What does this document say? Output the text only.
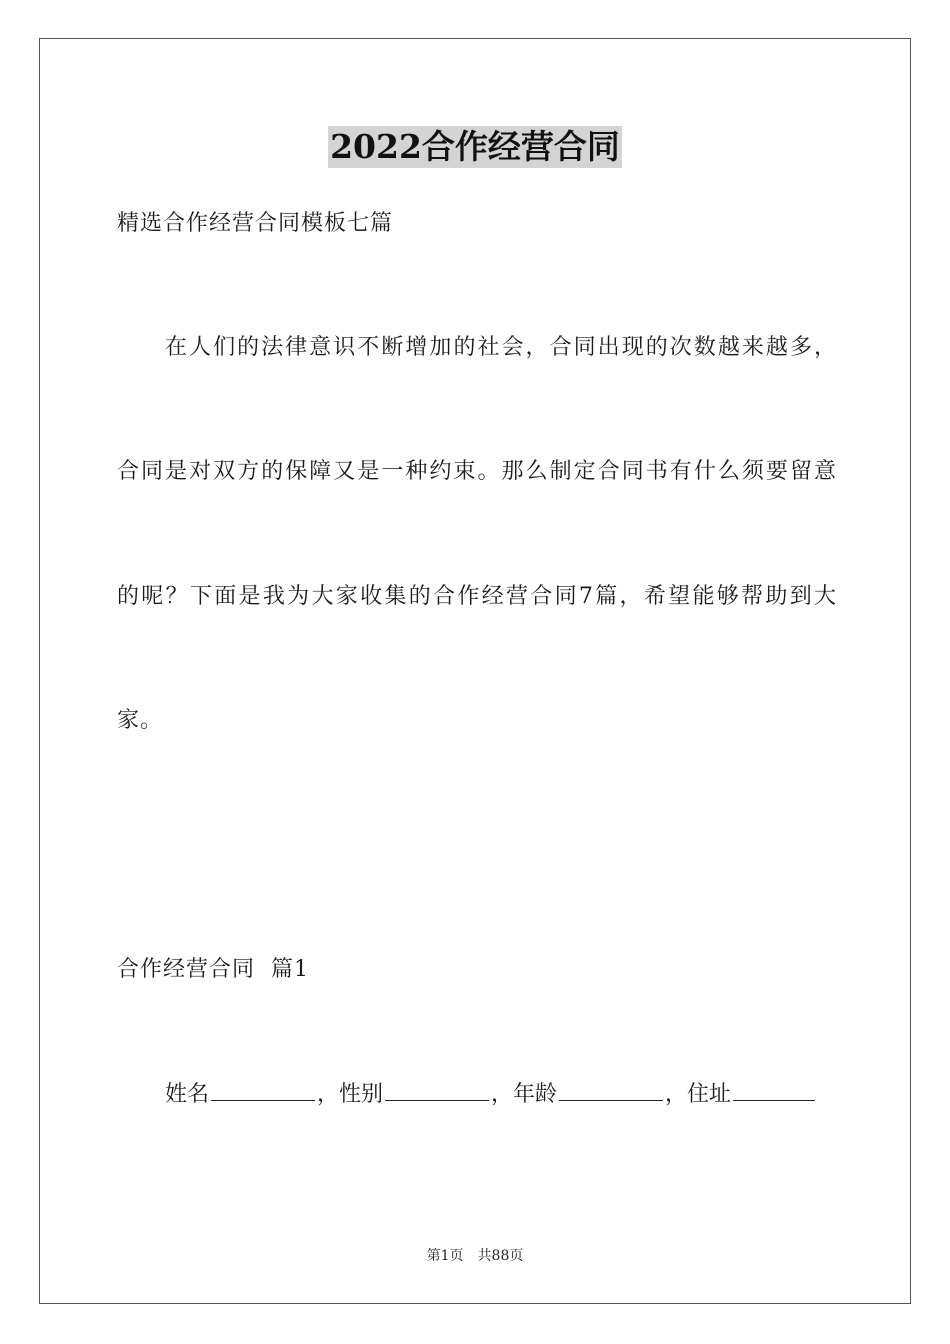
2022合作经营合同
精选合作经营合同模板七篇
在人们的法律意识不断增加的社会，合同出现的次数越来越多，
合同是对双方的保障又是一种约束。那么制定合同书有什么须要留意
的呢？下面是我为大家收集的合作经营合同7篇，希望能够帮助到大
家。
合作经营合同  篇1
姓名	，性别	，年龄	，住址
第1页 共88页
